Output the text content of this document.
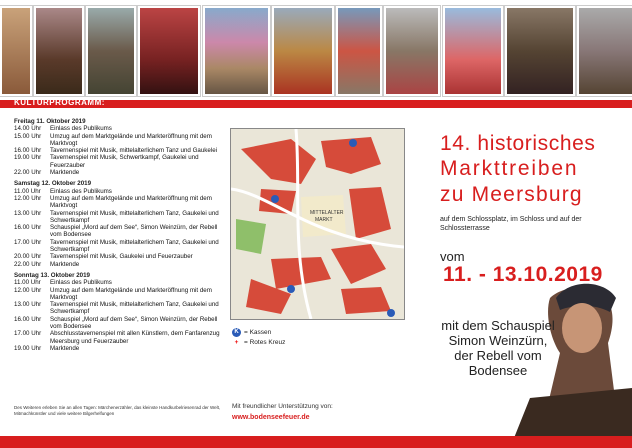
KULTURPROGRAMM:
Freitag 11. Oktober 2019
14.00 Uhr	Einlass des Publikums
15.00 Uhr	Umzug auf dem Marktgelände und Markteröffnung mit dem Marktvogt
16.00 Uhr	Tavernenspiel mit Musik, mittelalterlichem Tanz und Gaukelei
19.00 Uhr	Tavernenspiel mit Musik, Schwertkampf, Gaukelei und Feuerzauber
22.00 Uhr	Marktende
Samstag 12. Oktober 2019
11.00 Uhr	Einlass des Publikums
12.00 Uhr	Umzug auf dem Marktgelände und Markteröffnung mit dem Marktvogt
13.00 Uhr	Tavernenspiel mit Musik, mittelalterlichem Tanz, Gaukelei und Schwertkampf
16.00 Uhr	Schauspiel „Mord auf dem See“, Simon Weinzürn, der Rebell vom Bodensee
17.00 Uhr	Tavernenspiel mit Musik, mittelalterlichem Tanz, Gaukelei und Schwertkampf
20.00 Uhr	Tavernenspiel mit Musik, Gaukelei und Feuerzauber
22.00 Uhr	Marktende
Sonntag 13. Oktober 2019
11.00 Uhr	Einlass des Publikums
12.00 Uhr	Umzug auf dem Marktgelände und Markteröffnung mit dem Marktvogt
13.00 Uhr	Tavernenspiel mit Musik, mittelalterlichem Tanz, Gaukelei und Schwertkampf
16.00 Uhr	Schauspiel „Mord auf dem See“, Simon Weinzürn, der Rebell vom Bodensee
17.00 Uhr	Abschlusstavernenspiel mit allen Künstlern, dem Fanfarenzug Meersburg und Feuerzauber
19.00 Uhr	Marktende
Des Weiteren erleben Sie an allen Tagen: Märchenerzähler, das kleinste Handkurbelriesenrad der Welt, Mitmachkünstler und viele weitere Bilgerhelfungen
MITTELALTER
MARKT
K = Kassen
+ = Rotes Kreuz
Mit freundlicher Unterstützung von:
www.bodenseefeuer.de
14. historisches
Markttreiben
zu Meersburg
auf dem Schlossplatz, im Schloss und auf der Schlossterrasse
vom
11. - 13.10.2019
mit dem Schauspiel Simon Weinzürn, der Rebell vom Bodensee
